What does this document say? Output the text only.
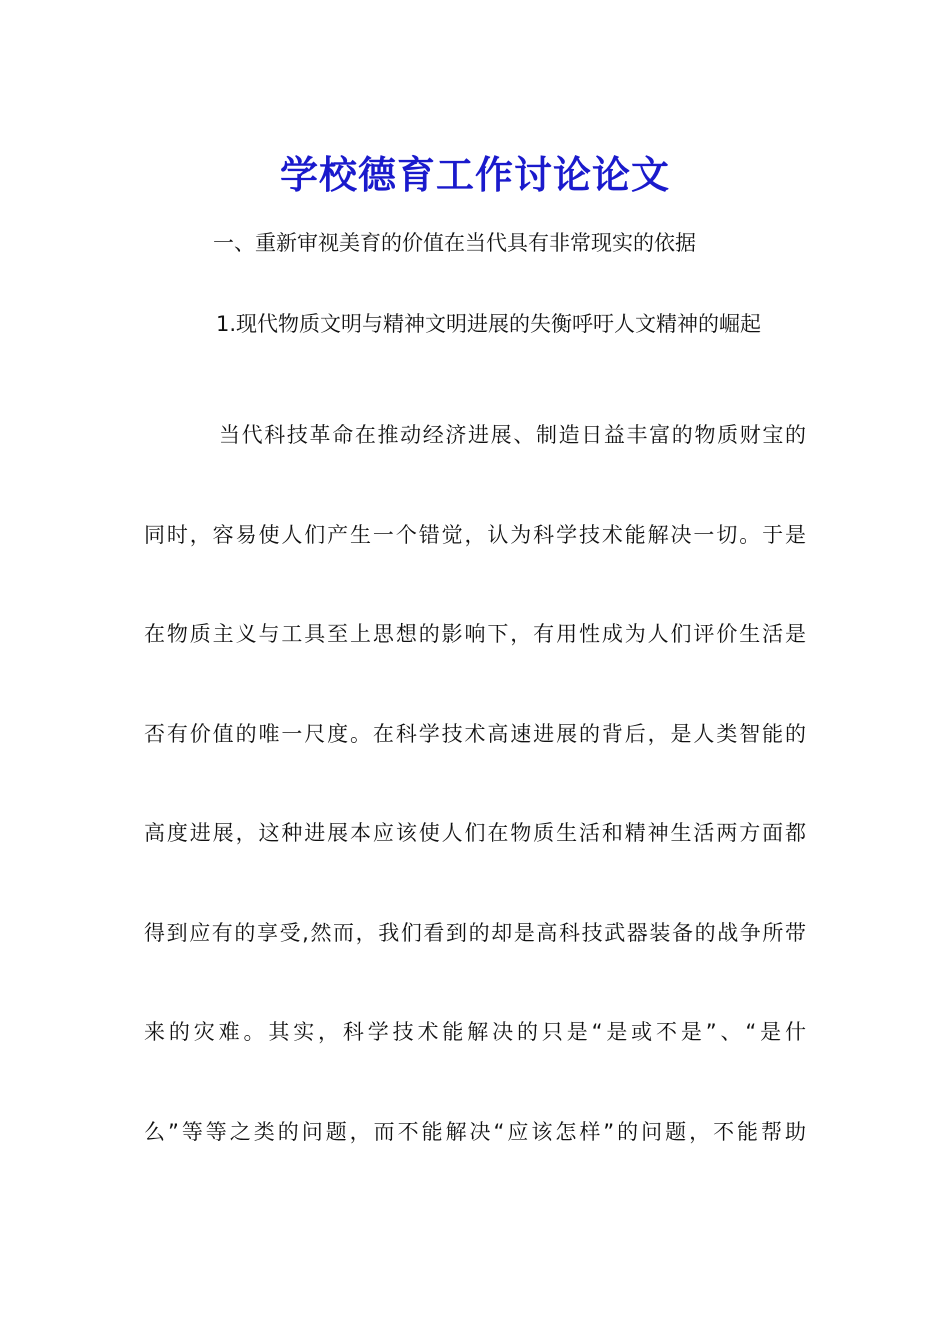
学校德育工作讨论论文
一、重新审视美育的价值在当代具有非常现实的依据
1.现代物质文明与精神文明进展的失衡呼吁人文精神的崛起
当代科技革命在推动经济进展、制造日益丰富的物质财宝的
同时，容易使人们产生一个错觉，认为科学技术能解决一切。于是
在物质主义与工具至上思想的影响下，有用性成为人们评价生活是
否有价值的唯一尺度。在科学技术高速进展的背后，是人类智能的
高度进展，这种进展本应该使人们在物质生活和精神生活两方面都
得到应有的享受,然而，我们看到的却是高科技武器装备的战争所带
来的灾难。其实，科学技术能解决的只是“是或不是”、“是什
么”等等之类的问题，而不能解决“应该怎样”的问题，不能帮助
